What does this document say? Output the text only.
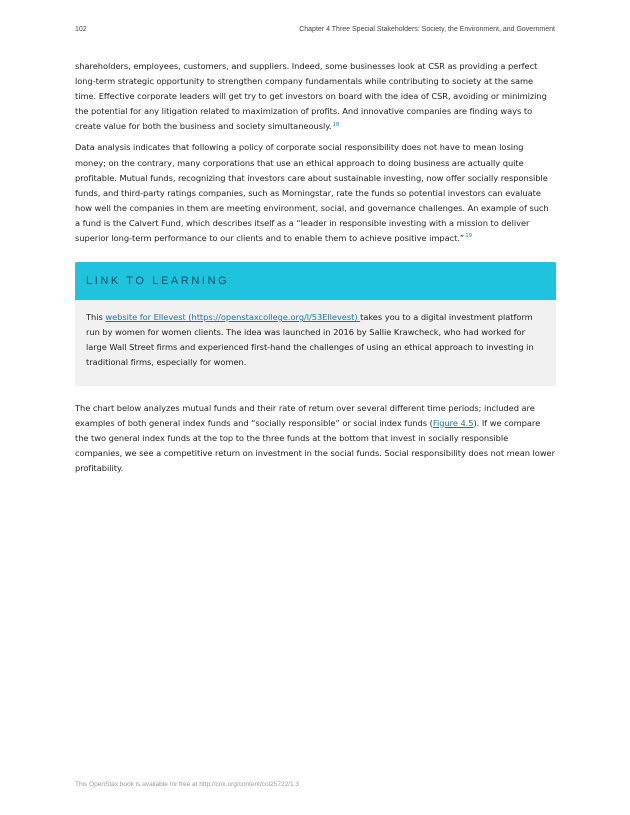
102	Chapter 4 Three Special Stakeholders: Society, the Environment, and Government

shareholders, employees, customers, and suppliers. Indeed, some businesses look at CSR as providing a perfect long-term strategic opportunity to strengthen company fundamentals while contributing to society at the same time. Effective corporate leaders will get try to get investors on board with the idea of CSR, avoiding or minimizing the potential for any litigation related to maximization of profits. And innovative companies are finding ways to create value for both the business and society simultaneously.$^{18}$

Data analysis indicates that following a policy of corporate social responsibility does not have to mean losing money; on the contrary, many corporations that use an ethical approach to doing business are actually quite profitable. Mutual funds, recognizing that investors care about sustainable investing, now offer socially responsible funds, and third-party ratings companies, such as Morningstar, rate the funds so potential investors can evaluate how well the companies in them are meeting environment, social, and governance challenges. An example of such a fund is the Calvert Fund, which describes itself as a “leader in responsible investing with a mission to deliver superior long-term performance to our clients and to enable them to achieve positive impact.”$^{19}$

LINK TO LEARNING

This website for Ellevest (https://openstaxcollege.org/l/53Ellevest) takes you to a digital investment platform run by women for women clients. The idea was launched in 2016 by Sallie Krawcheck, who had worked for large Wall Street firms and experienced first-hand the challenges of using an ethical approach to investing in traditional firms, especially for women.

The chart below analyzes mutual funds and their rate of return over several different time periods; included are examples of both general index funds and “socially responsible” or social index funds (Figure 4.5). If we compare the two general index funds at the top to the three funds at the bottom that invest in socially responsible companies, we see a competitive return on investment in the social funds. Social responsibility does not mean lower profitability.

This OpenStax book is available for free at http://cnx.org/content/col25722/1.3
